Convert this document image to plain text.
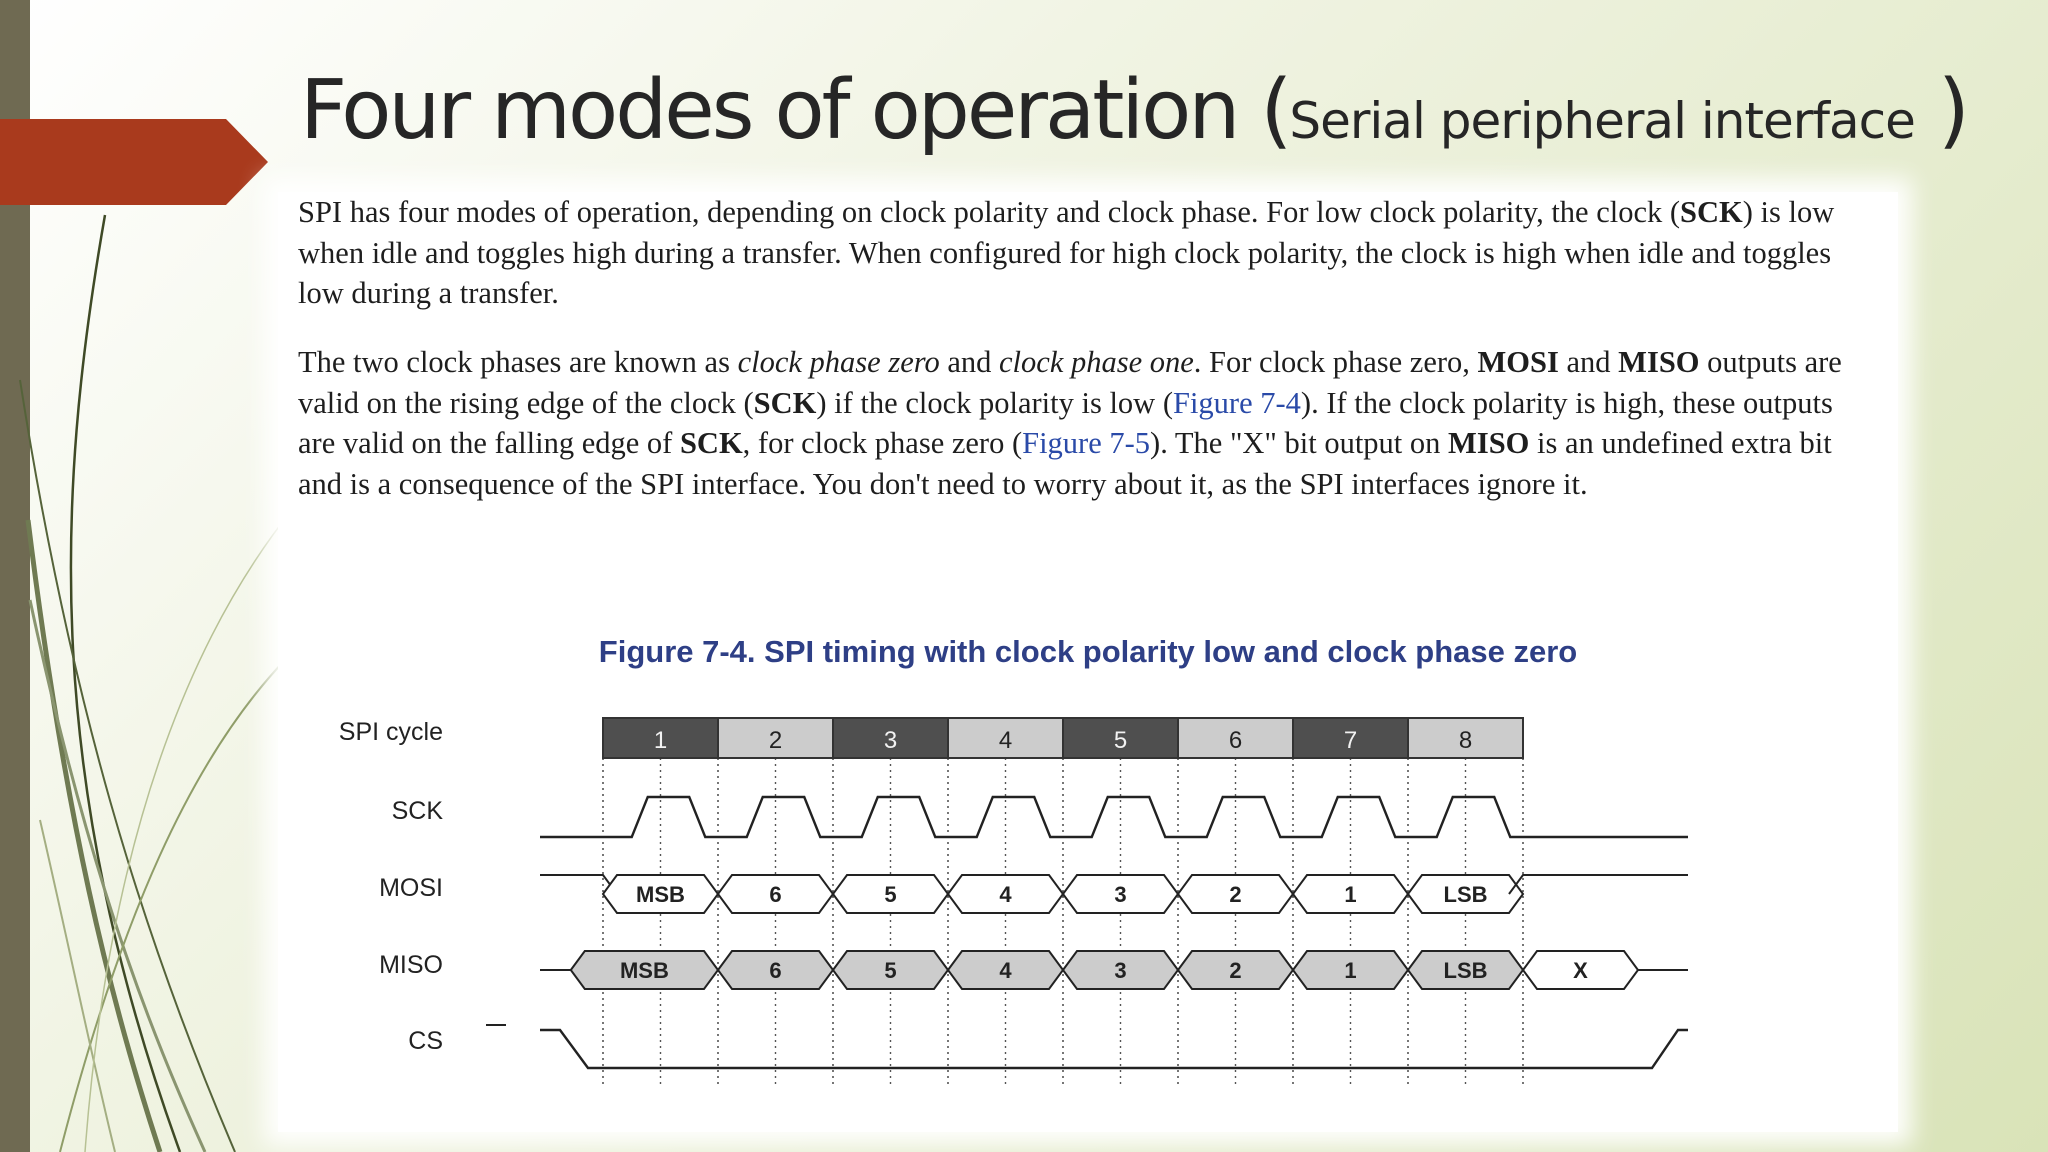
Four modes of operation (Serial peripheral interface )

SPI has four modes of operation, depending on clock polarity and clock phase. For low clock polarity, the clock (SCK) is low when idle and toggles high during a transfer. When configured for high clock polarity, the clock is high when idle and toggles low during a transfer.

The two clock phases are known as clock phase zero and clock phase one. For clock phase zero, MOSI and MISO outputs are valid on the rising edge of the clock (SCK) if the clock polarity is low (Figure 7-4). If the clock polarity is high, these outputs are valid on the falling edge of SCK, for clock phase zero (Figure 7-5). The "X" bit output on MISO is an undefined extra bit and is a consequence of the SPI interface. You don't need to worry about it, as the SPI interfaces ignore it.

Figure 7-4. SPI timing with clock polarity low and clock phase zero
SPI cycle
SCK
MOSI
MISO
CS
1	2	3	4	5	6	7	8
MSB	6	5	4	3	2	1	LSB
MSB	6	5	4	3	2	1	LSB	X
